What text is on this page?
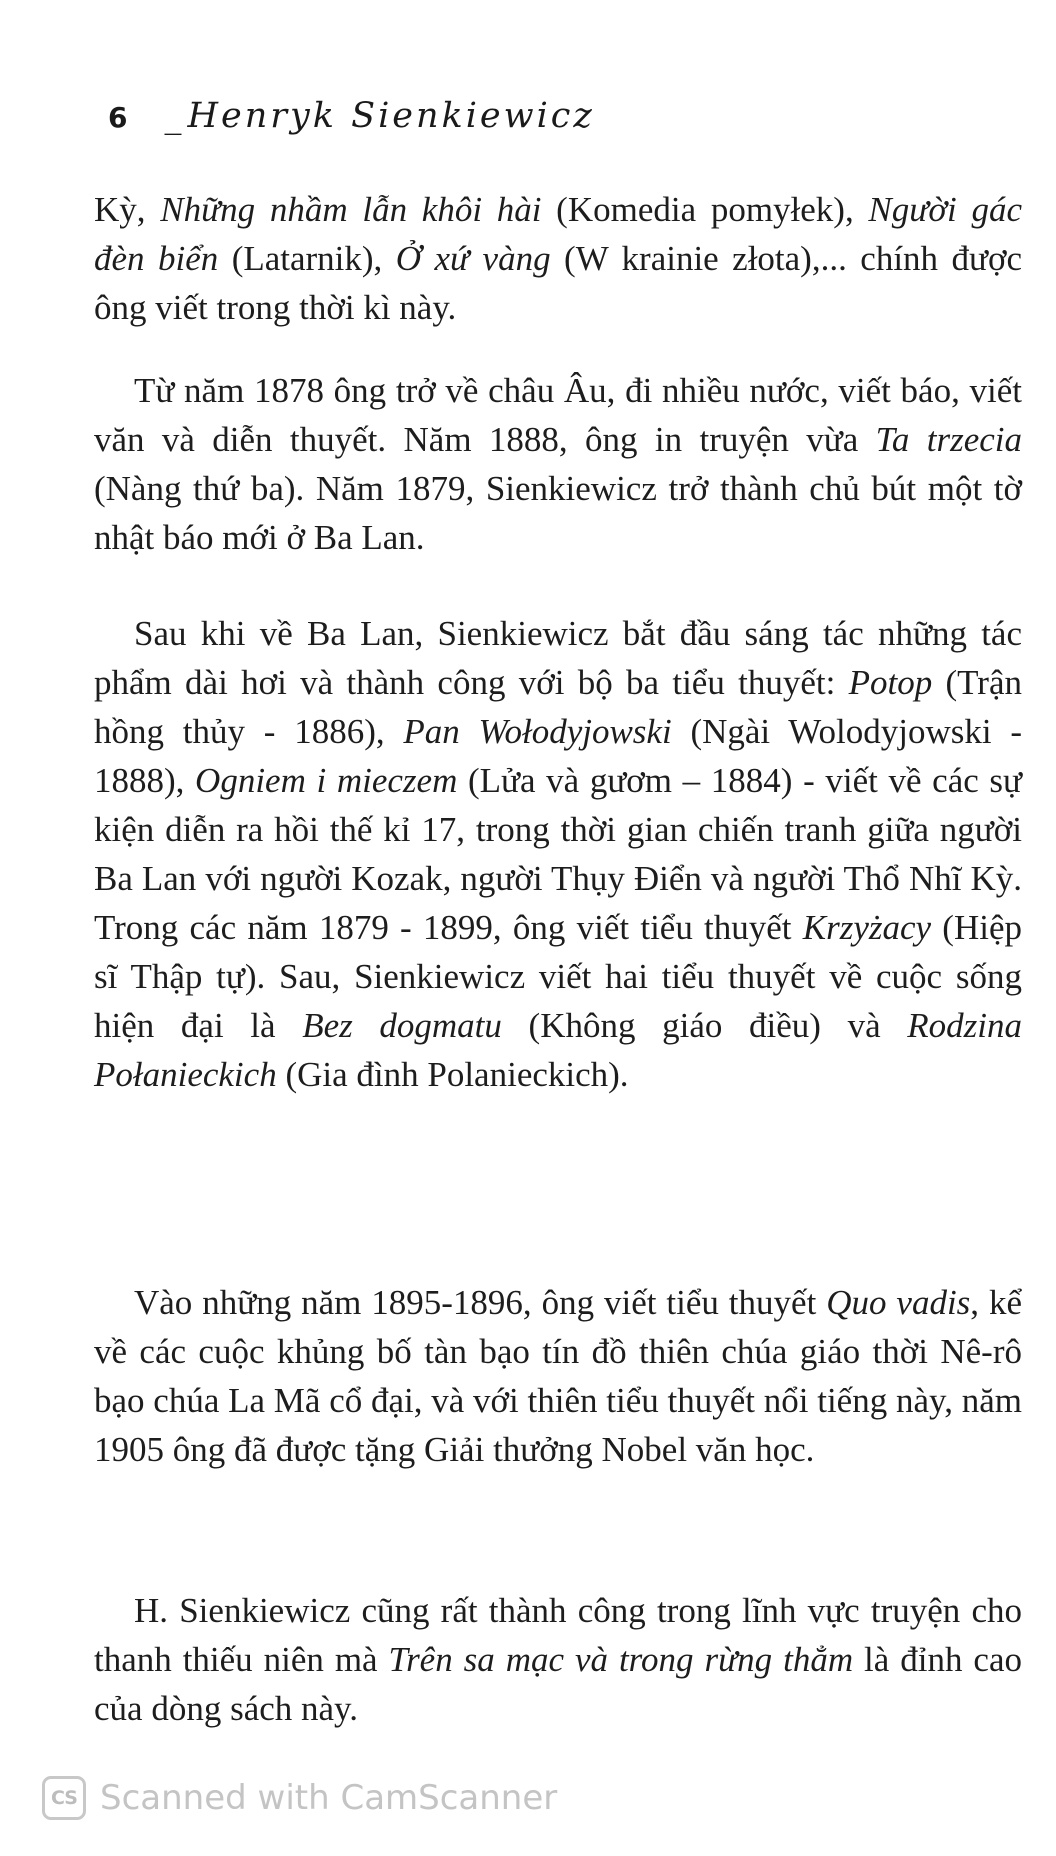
6 _ Henryk Sienkiewicz

Kỳ, Những nhầm lẫn khôi hài (Komedia pomyłek), Người gác đèn biển (Latarnik), Ở xứ vàng (W krainie złota),... chính được ông viết trong thời kì này.

Từ năm 1878 ông trở về châu Âu, đi nhiều nước, viết báo, viết văn và diễn thuyết. Năm 1888, ông in truyện vừa Ta trzecia (Nàng thứ ba). Năm 1879, Sienkiewicz trở thành chủ bút một tờ nhật báo mới ở Ba Lan.

Sau khi về Ba Lan, Sienkiewicz bắt đầu sáng tác những tác phẩm dài hơi và thành công với bộ ba tiểu thuyết: Potop (Trận hồng thủy - 1886), Pan Wołodyjowski (Ngài Wolodyjowski - 1888), Ogniem i mieczem (Lửa và gươm – 1884) - viết về các sự kiện diễn ra hồi thế kỉ 17, trong thời gian chiến tranh giữa người Ba Lan với người Kozak, người Thụy Điển và người Thổ Nhĩ Kỳ. Trong các năm 1879 - 1899, ông viết tiểu thuyết Krzyżacy (Hiệp sĩ Thập tự). Sau, Sienkiewicz viết hai tiểu thuyết về cuộc sống hiện đại là Bez dogmatu (Không giáo điều) và Rodzina Połanieckich (Gia đình Polanieckich).

Vào những năm 1895-1896, ông viết tiểu thuyết Quo vadis, kể về các cuộc khủng bố tàn bạo tín đồ thiên chúa giáo thời Nê-rô bạo chúa La Mã cổ đại, và với thiên tiểu thuyết nổi tiếng này, năm 1905 ông đã được tặng Giải thưởng Nobel văn học.

H. Sienkiewicz cũng rất thành công trong lĩnh vực truyện cho thanh thiếu niên mà Trên sa mạc và trong rừng thẳm là đỉnh cao của dòng sách này.

CS Scanned with CamScanner
